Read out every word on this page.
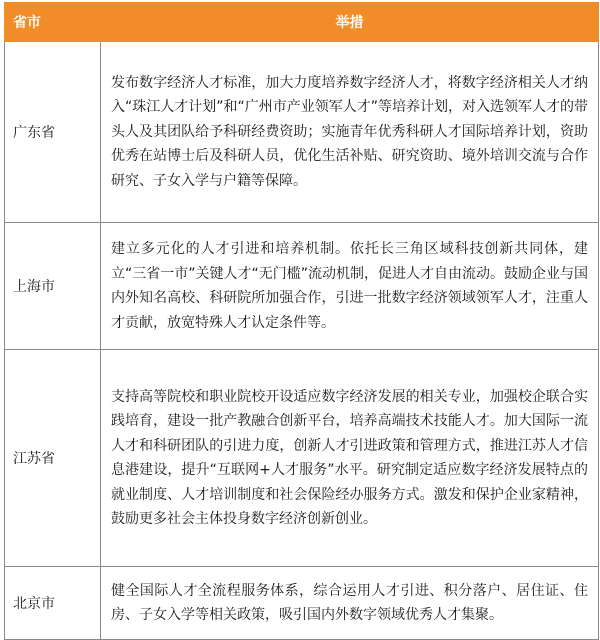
省市	举措
广东省	发布数字经济人才标准，加大力度培养数字经济人才，将数字经济相关人才纳入“珠江人才计划”和“广州市产业领军人才”等培养计划，对入选领军人才的带头人及其团队给予科研经费资助；实施青年优秀科研人才国际培养计划，资助优秀在站博士后及科研人员，优化生活补贴、研究资助、境外培训交流与合作研究、子女入学与户籍等保障。
上海市	建立多元化的人才引进和培养机制。依托长三角区域科技创新共同体，建立“三省一市”关键人才“无门槛”流动机制，促进人才自由流动。鼓励企业与国内外知名高校、科研院所加强合作，引进一批数字经济领域领军人才，注重人才贡献，放宽特殊人才认定条件等。
江苏省	支持高等院校和职业院校开设适应数字经济发展的相关专业，加强校企联合实践培育，建设一批产教融合创新平台，培养高端技术技能人才。加大国际一流人才和科研团队的引进力度，创新人才引进政策和管理方式，推进江苏人才信息港建设，提升“互联网+人才服务”水平。研究制定适应数字经济发展特点的就业制度、人才培训制度和社会保险经办服务方式。激发和保护企业家精神，鼓励更多社会主体投身数字经济创新创业。
北京市	健全国际人才全流程服务体系，综合运用人才引进、积分落户、居住证、住房、子女入学等相关政策，吸引国内外数字领域优秀人才集聚。
